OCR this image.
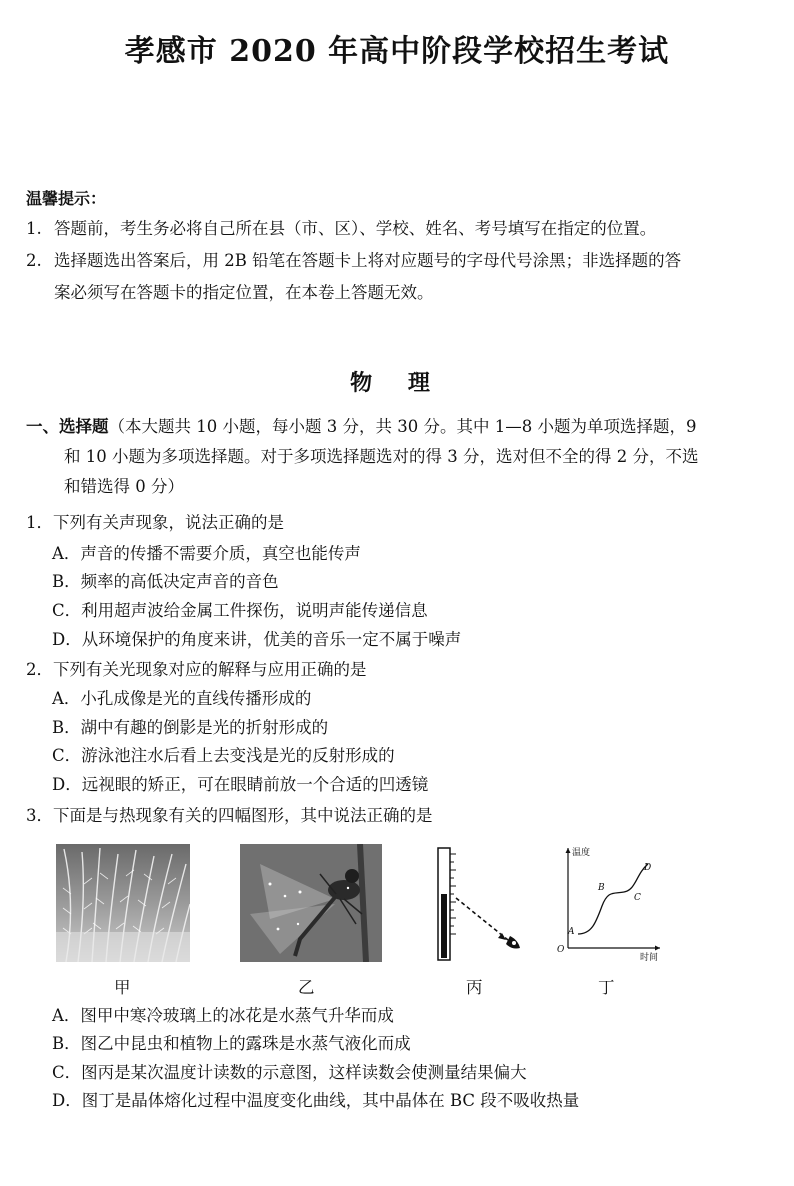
孝感市 2020 年高中阶段学校招生考试
温馨提示：
1. 答题前，考生务必将自己所在县（市、区）、学校、姓名、考号填写在指定的位置。
2. 选择题选出答案后，用 2B 铅笔在答题卡上将对应题号的字母代号涂黑；非选择题的答
案必须写在答题卡的指定位置，在本卷上答题无效。
物 理
一、选择题（本大题共 10 小题，每小题 3 分，共 30 分。其中 1—8 小题为单项选择题，9
和 10 小题为多项选择题。对于多项选择题选对的得 3 分，选对但不全的得 2 分，不选
和错选得 0 分）
1．下列有关声现象，说法正确的是
A．声音的传播不需要介质，真空也能传声
B．频率的高低决定声音的音色
C．利用超声波给金属工件探伤，说明声能传递信息
D．从环境保护的角度来讲，优美的音乐一定不属于噪声
2．下列有关光现象对应的解释与应用正确的是
A．小孔成像是光的直线传播形成的
B．湖中有趣的倒影是光的折射形成的
C．游泳池注水后看上去变浅是光的反射形成的
D．远视眼的矫正，可在眼睛前放一个合适的凹透镜
3．下面是与热现象有关的四幅图形，其中说法正确的是
温度
时间
O
A
B
C
D
甲	乙	丙	丁
A．图甲中寒冷玻璃上的冰花是水蒸气升华而成
B．图乙中昆虫和植物上的露珠是水蒸气液化而成
C．图丙是某次温度计读数的示意图，这样读数会使测量结果偏大
D．图丁是晶体熔化过程中温度变化曲线，其中晶体在 BC 段不吸收热量
